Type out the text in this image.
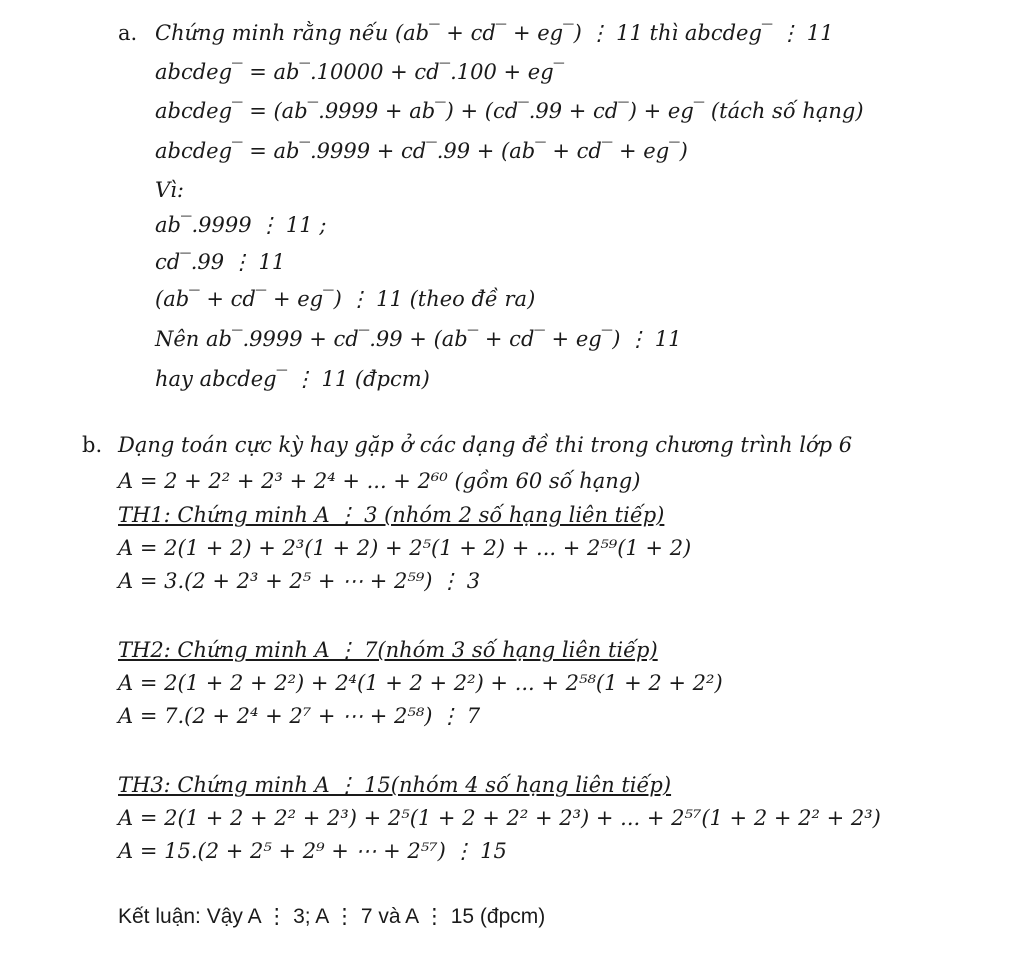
a. Chứng minh rằng nếu (ab‾ + cd‾ + eg‾) ⋮ 11 thì abcdeg‾ ⋮ 11
abcdeg‾ = ab‾.10000 + cd‾.100 + eg‾
abcdeg‾ = (ab‾.9999 + ab‾) + (cd‾.99 + cd‾) + eg‾ (tách số hạng)
abcdeg‾ = ab‾.9999 + cd‾.99 + (ab‾ + cd‾ + eg‾)
Vì:
ab‾.9999 ⋮ 11 ;
cd‾.99 ⋮ 11
(ab‾ + cd‾ + eg‾) ⋮ 11 (theo đề ra)
Nên ab‾.9999 + cd‾.99 + (ab‾ + cd‾ + eg‾) ⋮ 11
hay abcdeg‾ ⋮ 11 (đpcm)
b. Dạng toán cực kỳ hay gặp ở các dạng đề thi trong chương trình lớp 6
A = 2 + 2² + 2³ + 2⁴ + ... + 2⁶⁰ (gồm 60 số hạng)
TH1: Chứng minh A ⋮ 3 (nhóm 2 số hạng liên tiếp)
A = 2(1 + 2) + 2³(1 + 2) + 2⁵(1 + 2) + ... + 2⁵⁹(1 + 2)
A = 3.(2 + 2³ + 2⁵ + ⋯ + 2⁵⁹) ⋮ 3
TH2: Chứng minh A ⋮ 7(nhóm 3 số hạng liên tiếp)
A = 2(1 + 2 + 2²) + 2⁴(1 + 2 + 2²) + ... + 2⁵⁸(1 + 2 + 2²)
A = 7.(2 + 2⁴ + 2⁷ + ⋯ + 2⁵⁸) ⋮ 7
TH3: Chứng minh A ⋮ 15(nhóm 4 số hạng liên tiếp)
A = 2(1 + 2 + 2² + 2³) + 2⁵(1 + 2 + 2² + 2³) + ... + 2⁵⁷(1 + 2 + 2² + 2³)
A = 15.(2 + 2⁵ + 2⁹ + ⋯ + 2⁵⁷) ⋮ 15
Kết luận: Vậy A ⋮ 3; A ⋮ 7 và A ⋮ 15 (đpcm)
